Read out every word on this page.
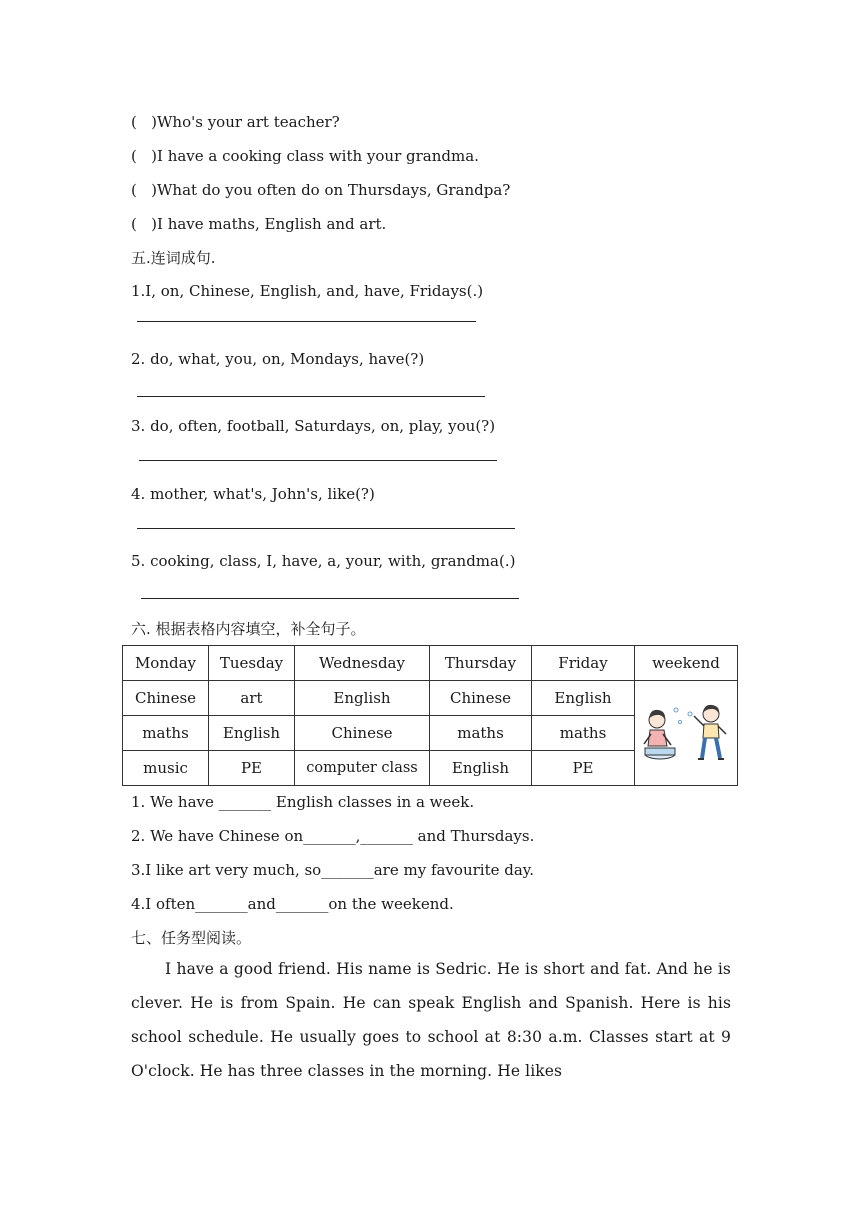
(   )Who's your art teacher?
(   )I have a cooking class with your grandma.
(   )What do you often do on Thursdays, Grandpa?
(   )I have maths, English and art.
五.连词成句.
1.I, on, Chinese, English, and, have, Fridays(.)
2. do, what, you, on, Mondays, have(?)
3. do, often, football, Saturdays, on, play, you(?)
4. mother, what's, John's, like(?)
5. cooking, class, I, have, a, your, with, grandma(.)
六. 根据表格内容填空，补全句子。
Monday	Tuesday	Wednesday	Thursday	Friday	weekend
Chinese	art	English	Chinese	English	

maths	English	Chinese	maths	maths	
music	PE	computer class	English	PE	
1. We have _______ English classes in a week.
2. We have Chinese on_______,_______ and Thursdays.
3.I like art very much, so_______are my favourite day.
4.I often_______and_______on the weekend.
七、任务型阅读。
I have a good friend. His name is Sedric. He is short and fat. And he is clever. He is from Spain. He can speak English and Spanish. Here is his school schedule. He usually goes to school at 8:30 a.m. Classes start at 9 O'clock. He has three classes in the morning. He likes
